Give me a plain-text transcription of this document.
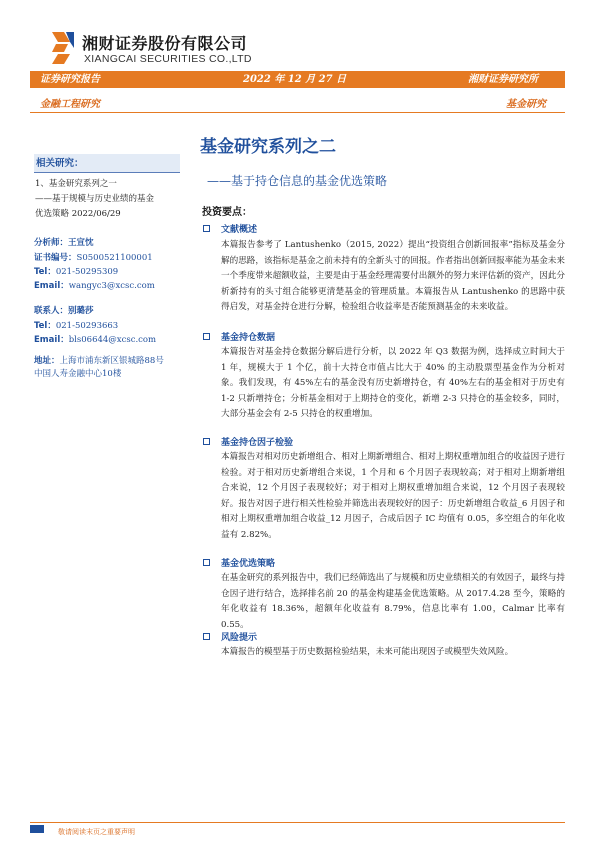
湘财证券股份有限公司
XIANGCAI SECURITIES CO.,LTD
证券研究报告	2022 年 12 月 27 日	湘财证券研究所
金融工程研究	基金研究
基金研究系列之二
——基于持仓信息的基金优选策略
相关研究：
1、基金研究系列之一
——基于规模与历史业绩的基金
优选策略 2022/06/29
分析师：王宣忱
证书编号：S0500521100001
Tel：021-50295309
Email：wangyc3@xcsc.com
联系人：别璐莎
Tel：021-50293663
Email：bls06644@xcsc.com
地址：上海市浦东新区银城路88号
中国人寿金融中心10楼
投资要点：
文献概述
本篇报告参考了 Lantushenko（2015, 2022）提出“投资组合创新回报率”指标及基金分解的思路，该指标是基金之前未持有的全新头寸的回报。作者指出创新回报率能为基金未来一个季度带来超额收益，主要是由于基金经理需要付出额外的努力来评估新的资产，因此分析新持有的头寸组合能够更清楚基金的管理质量。本篇报告从 Lantushenko 的思路中获得启发，对基金持仓进行分解，检验组合收益率是否能预测基金的未来收益。
基金持仓数据
本篇报告对基金持仓数据分解后进行分析，以 2022 年 Q3 数据为例，选择成立时间大于 1 年，规模大于 1 个亿，前十大持仓市值占比大于 40% 的主动股票型基金作为分析对象。我们发现，有 45%左右的基金没有历史新增持仓，有 40%左右的基金相对于历史有 1-2 只新增持仓；分析基金相对于上期持仓的变化，新增 2-3 只持仓的基金较多，同时，大部分基金会有 2-5 只持仓的权重增加。
基金持仓因子检验
本篇报告对相对历史新增组合、相对上期新增组合、相对上期权重增加组合的收益因子进行检验。对于相对历史新增组合来说，1 个月和 6 个月因子表现较高；对于相对上期新增组合来说，12 个月因子表现较好；对于相对上期权重增加组合来说，12 个月因子表现较好。报告对因子进行相关性检验并筛选出表现较好的因子：历史新增组合收益_6 月因子和相对上期权重增加组合收益_12 月因子，合成后因子 IC 均值有 0.05，多空组合的年化收益有 2.82%。
基金优选策略
在基金研究的系列报告中，我们已经筛选出了与规模和历史业绩相关的有效因子，最终与持仓因子进行结合，选择排名前 20 的基金构建基金优选策略。从 2017.4.28 至今，策略的年化收益有 18.36%，超额年化收益有 8.79%，信息比率有 1.00，Calmar 比率有 0.55。
风险提示
本篇报告的模型基于历史数据检验结果，未来可能出现因子或模型失效风险。
敬请阅读末页之重要声明
